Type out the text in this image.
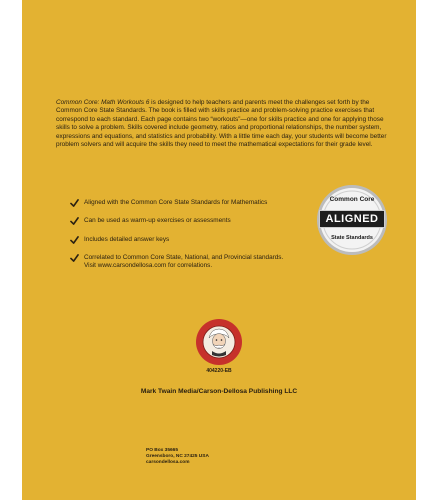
Common Core: Math Workouts 6 is designed to help teachers and parents meet the challenges set forth by the Common Core State Standards. The book is filled with skills practice and problem-solving practice exercises that correspond to each standard. Each page contains two “workouts”—one for skills practice and one for applying those skills to solve a problem. Skills covered include geometry, ratios and proportional relationships, the number system, expressions and equations, and statistics and probability. With a little time each day, your students will become better problem solvers and will acquire the skills they need to meet the mathematical expectations for their grade level.

Aligned with the Common Core State Standards for Mathematics
Can be used as warm-up exercises or assessments
Includes detailed answer keys
Correlated to Common Core State, National, and Provincial standards.
Visit www.carsondellosa.com for correlations.
Common Core
ALIGNED
State Standards
404220-EB
Mark Twain Media/Carson-Dellosa Publishing LLC
PO Box 35665
Greensboro, NC 27425 USA
carsondellosa.com
